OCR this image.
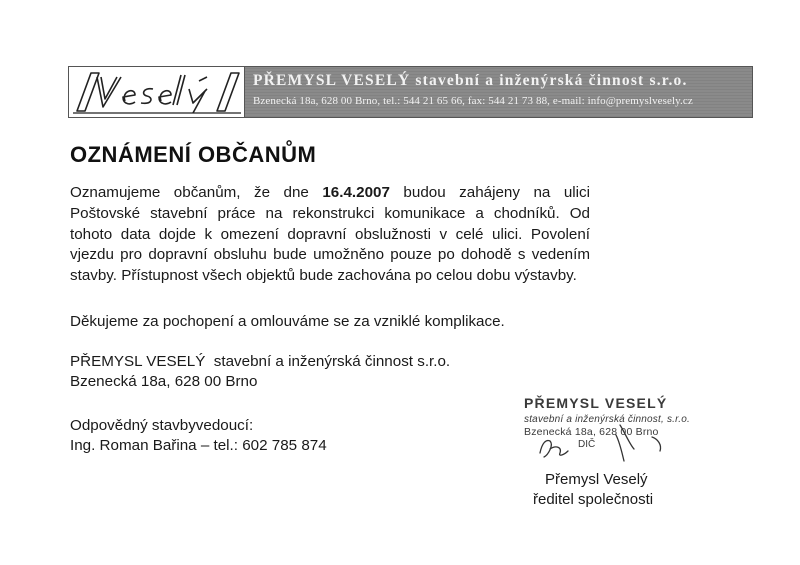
PŘEMYSL VESELÝ stavební a inženýrská činnost s.r.o.
Bzenecká 18a, 628 00 Brno, tel.: 544 21 65 66, fax: 544 21 73 88, e-mail: info@premyslvesely.cz
OZNÁMENÍ OBČANŮM

Oznamujeme občanům, že dne 16.4.2007 budou zahájeny na ulici Poštovské stavební práce na rekonstrukci komunikace a chodníků. Od tohoto data dojde k omezení dopravní obslužnosti v celé ulici. Povolení vjezdu pro dopravní obsluhu bude umožněno pouze po dohodě s vedením stavby. Přístupnost všech objektů bude zachována po celou dobu výstavby.

Děkujeme za pochopení a omlouváme se za vzniklé komplikace.
PŘEMYSL VESELÝ  stavební a inženýrská činnost s.r.o.
Bzenecká 18a, 628 00 Brno
Odpovědný stavbyvedoucí:
Ing. Roman Bařina – tel.: 602 785 874
PŘEMYSL VESELÝ
stavební a inženýrská činnost, s.r.o.
Bzenecká 18a, 628 00 Brno
DIČ
Přemysl Veselý
ředitel společnosti
